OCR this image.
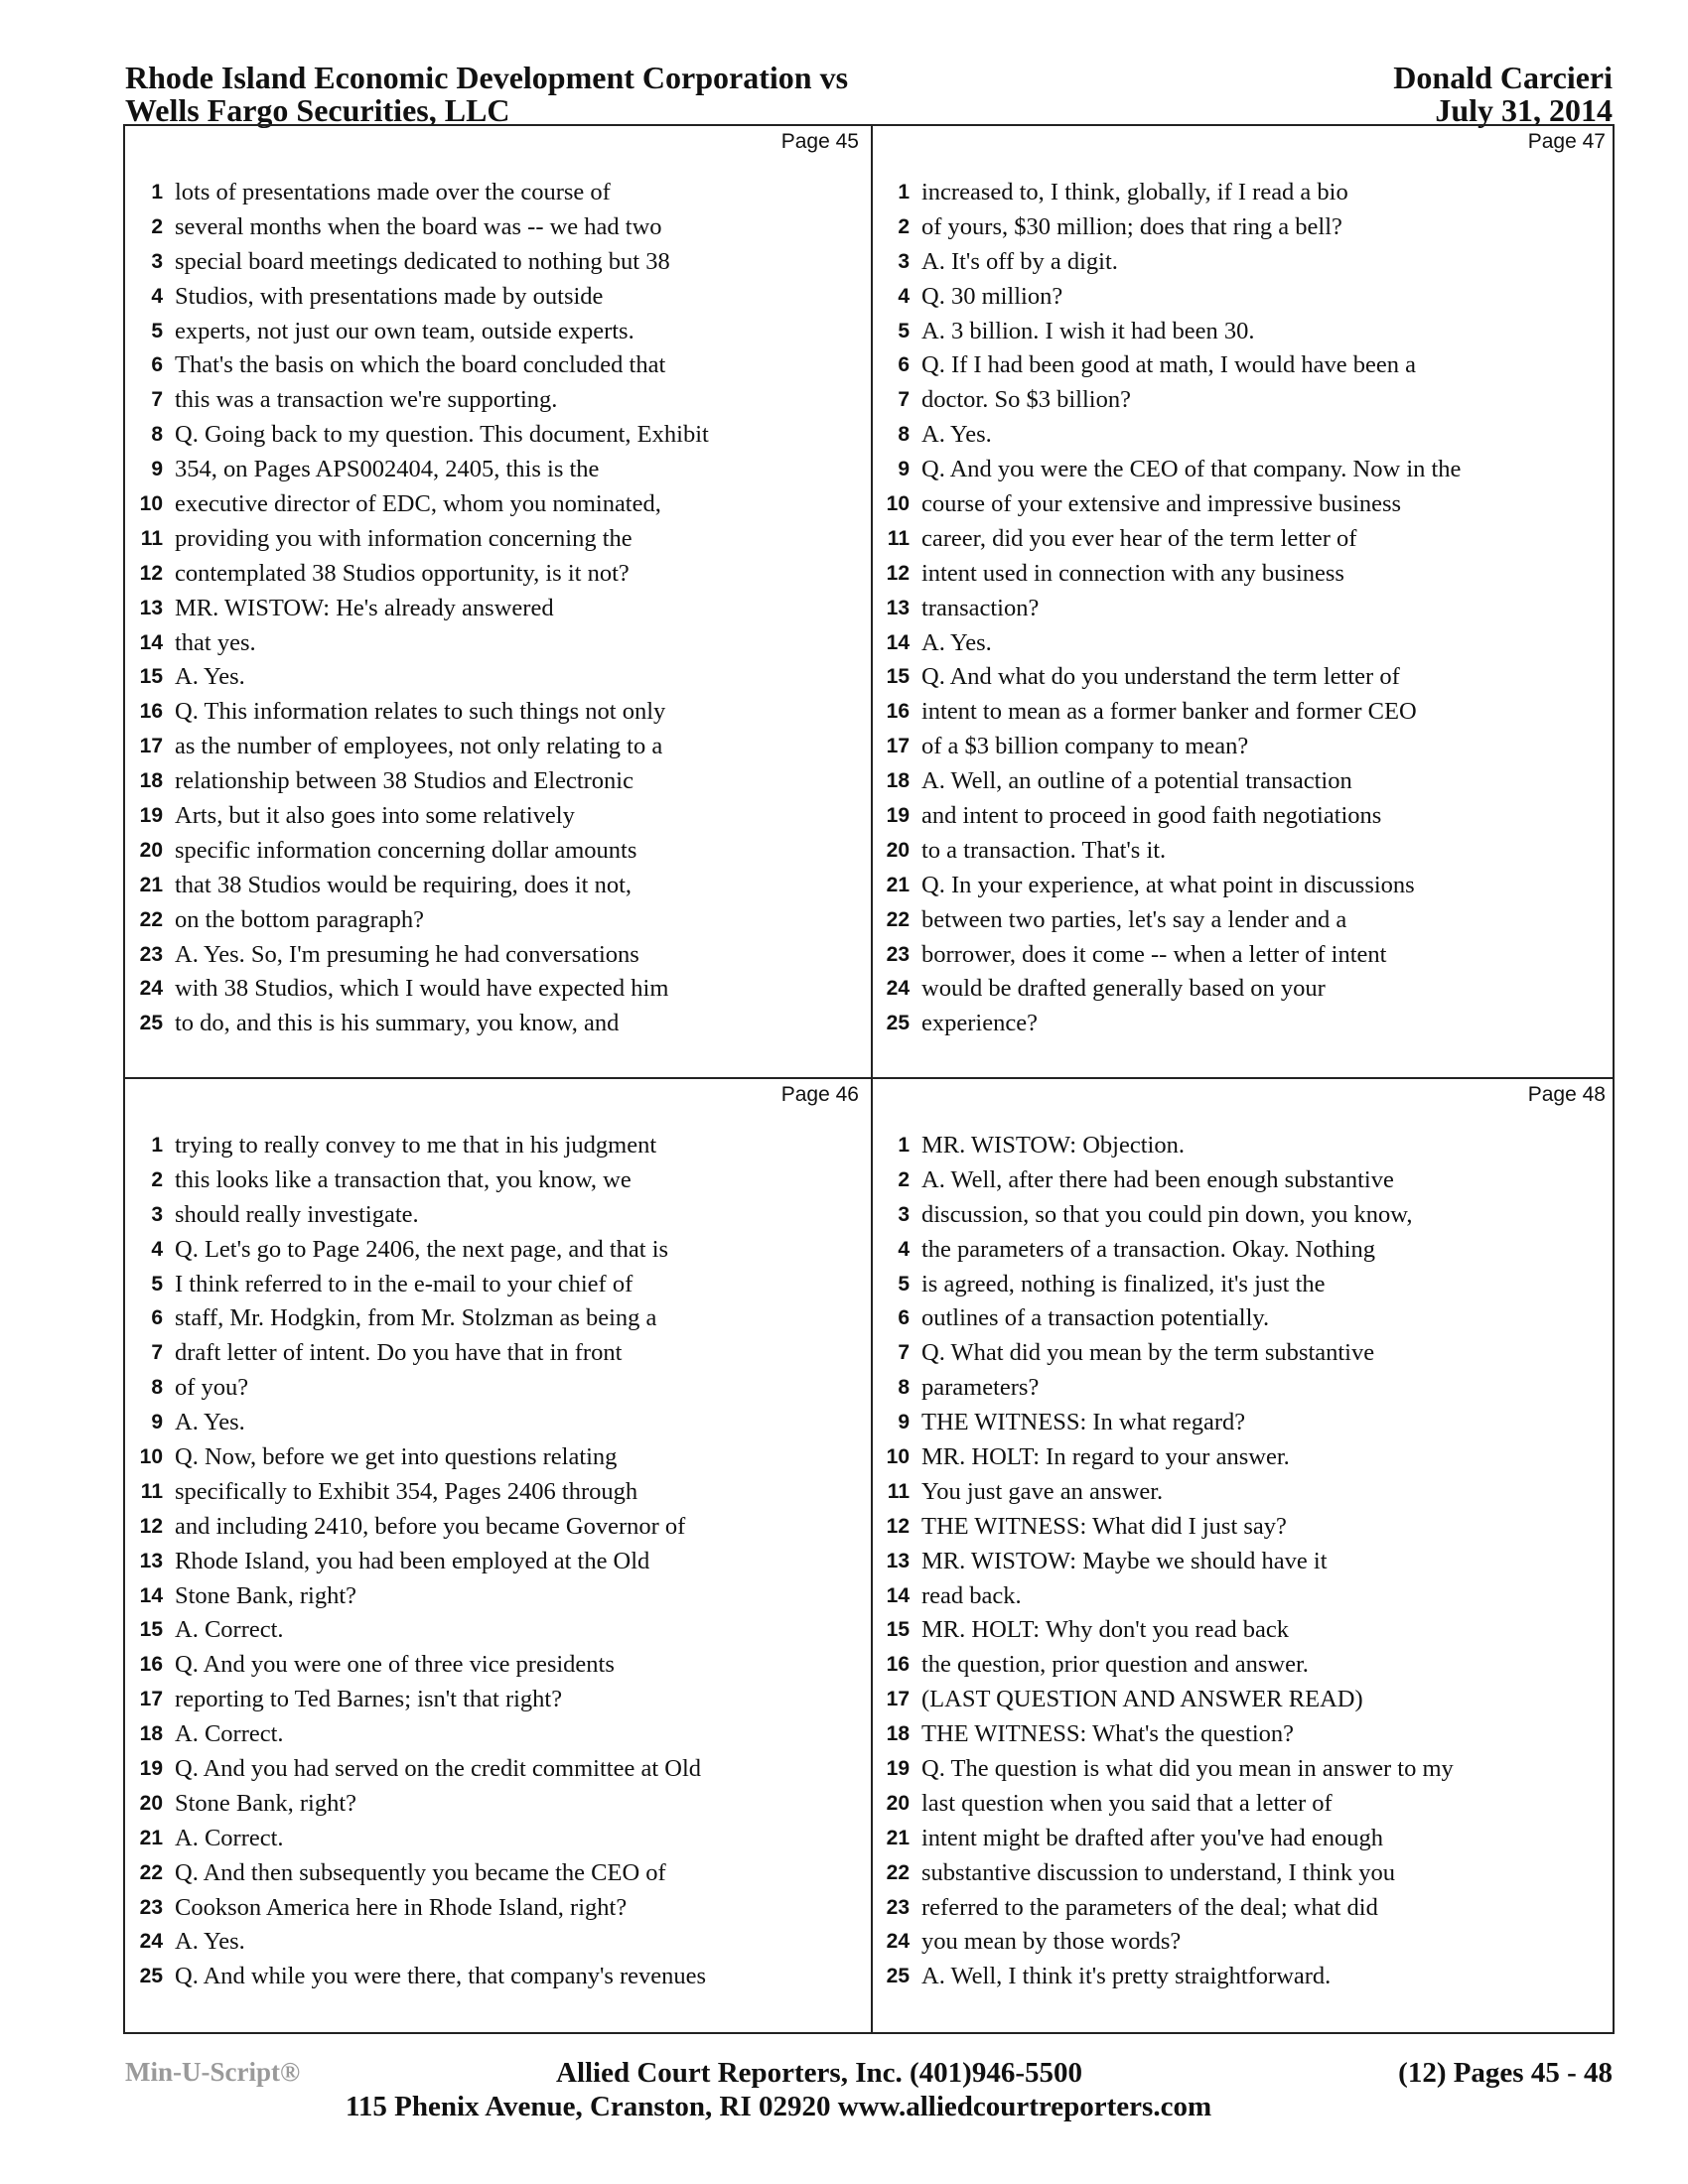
Rhode Island Economic Development Corporation vs
Wells Fargo Securities, LLC
Donald Carcieri
July 31, 2014
Page 45
1 lots of presentations made over the course of
2 several months when the board was -- we had two
3 special board meetings dedicated to nothing but 38
4 Studios, with presentations made by outside
5 experts, not just our own team, outside experts.
6 That's the basis on which the board concluded that
7 this was a transaction we're supporting.
8 Q. Going back to my question. This document, Exhibit
9 354, on Pages APS002404, 2405, this is the
10 executive director of EDC, whom you nominated,
11 providing you with information concerning the
12 contemplated 38 Studios opportunity, is it not?
13 MR. WISTOW: He's already answered
14 that yes.
15 A. Yes.
16 Q. This information relates to such things not only
17 as the number of employees, not only relating to a
18 relationship between 38 Studios and Electronic
19 Arts, but it also goes into some relatively
20 specific information concerning dollar amounts
21 that 38 Studios would be requiring, does it not,
22 on the bottom paragraph?
23 A. Yes. So, I'm presuming he had conversations
24 with 38 Studios, which I would have expected him
25 to do, and this is his summary, you know, and
Page 47
1 increased to, I think, globally, if I read a bio
2 of yours, $30 million; does that ring a bell?
3 A. It's off by a digit.
4 Q. 30 million?
5 A. 3 billion. I wish it had been 30.
6 Q. If I had been good at math, I would have been a
7 doctor. So $3 billion?
8 A. Yes.
9 Q. And you were the CEO of that company. Now in the
10 course of your extensive and impressive business
11 career, did you ever hear of the term letter of
12 intent used in connection with any business
13 transaction?
14 A. Yes.
15 Q. And what do you understand the term letter of
16 intent to mean as a former banker and former CEO
17 of a $3 billion company to mean?
18 A. Well, an outline of a potential transaction
19 and intent to proceed in good faith negotiations
20 to a transaction. That's it.
21 Q. In your experience, at what point in discussions
22 between two parties, let's say a lender and a
23 borrower, does it come -- when a letter of intent
24 would be drafted generally based on your
25 experience?
Page 46
1 trying to really convey to me that in his judgment
2 this looks like a transaction that, you know, we
3 should really investigate.
4 Q. Let's go to Page 2406, the next page, and that is
5 I think referred to in the e-mail to your chief of
6 staff, Mr. Hodgkin, from Mr. Stolzman as being a
7 draft letter of intent. Do you have that in front
8 of you?
9 A. Yes.
10 Q. Now, before we get into questions relating
11 specifically to Exhibit 354, Pages 2406 through
12 and including 2410, before you became Governor of
13 Rhode Island, you had been employed at the Old
14 Stone Bank, right?
15 A. Correct.
16 Q. And you were one of three vice presidents
17 reporting to Ted Barnes; isn't that right?
18 A. Correct.
19 Q. And you had served on the credit committee at Old
20 Stone Bank, right?
21 A. Correct.
22 Q. And then subsequently you became the CEO of
23 Cookson America here in Rhode Island, right?
24 A. Yes.
25 Q. And while you were there, that company's revenues
Page 48
1 MR. WISTOW: Objection.
2 A. Well, after there had been enough substantive
3 discussion, so that you could pin down, you know,
4 the parameters of a transaction. Okay. Nothing
5 is agreed, nothing is finalized, it's just the
6 outlines of a transaction potentially.
7 Q. What did you mean by the term substantive
8 parameters?
9 THE WITNESS: In what regard?
10 MR. HOLT: In regard to your answer.
11 You just gave an answer.
12 THE WITNESS: What did I just say?
13 MR. WISTOW: Maybe we should have it
14 read back.
15 MR. HOLT: Why don't you read back
16 the question, prior question and answer.
17 (LAST QUESTION AND ANSWER READ)
18 THE WITNESS: What's the question?
19 Q. The question is what did you mean in answer to my
20 last question when you said that a letter of
21 intent might be drafted after you've had enough
22 substantive discussion to understand, I think you
23 referred to the parameters of the deal; what did
24 you mean by those words?
25 A. Well, I think it's pretty straightforward.
Min-U-Script®	Allied Court Reporters, Inc. (401)946-5500	(12) Pages 45 - 48
115 Phenix Avenue, Cranston, RI 02920 www.alliedcourtreporters.com
